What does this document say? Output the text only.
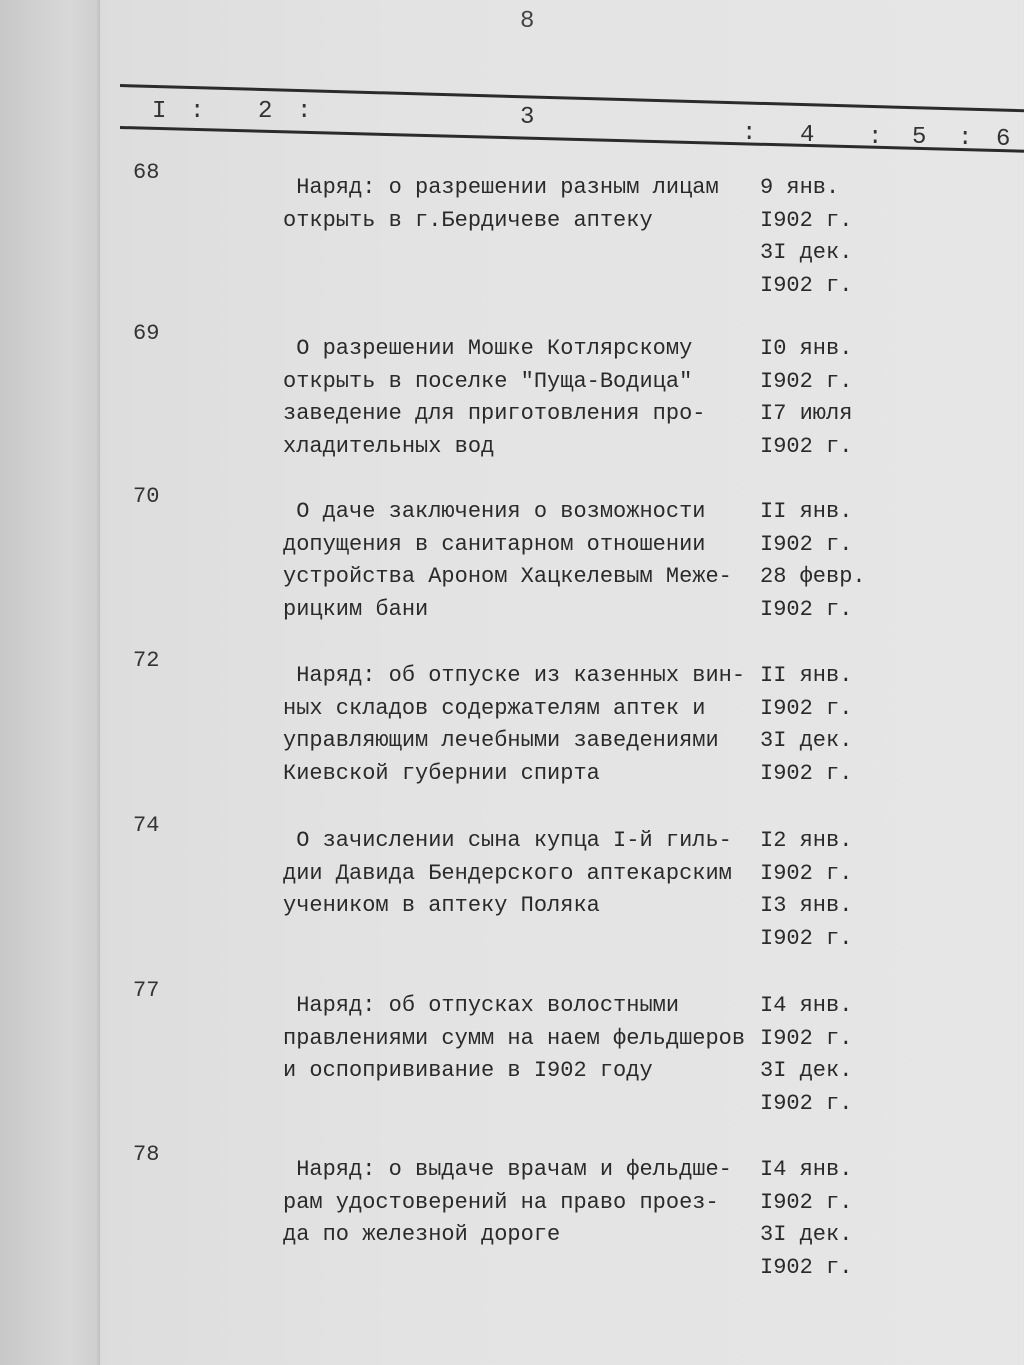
8
I : 2 :	3
: 4 : 5 : 6
68
Наряд: о разрешении разным лицам
открыть в г.Бердичеве аптеку
9 янв.
I902 г.
3I дек.
I902 г.
69
О разрешении Мошке Котлярскому
открыть в поселке "Пуща-Водица"
заведение для приготовления про-
хладительных вод
I0 янв.
I902 г.
I7 июля
I902 г.
70
О даче заключения о возможности
допущения в санитарном отношении
устройства Ароном Хацкелевым Меже-
рицким бани
II янв.
I902 г.
28 февр.
I902 г.
72
Наряд: об отпуске из казенных вин-
ных складов содержателям аптек и
управляющим лечебными заведениями
Киевской губернии спирта
II янв.
I902 г.
3I дек.
I902 г.
74
О зачислении сына купца I-й гиль-
дии Давида Бендерского аптекарским
учеником в аптеку Поляка
I2 янв.
I902 г.
I3 янв.
I902 г.
77
Наряд: об отпусках волостными
правлениями сумм на наем фельдшеров
и оспопрививание в I902 году
I4 янв.
I902 г.
3I дек.
I902 г.
78
Наряд: о выдаче врачам и фельдше-
рам удостоверений на право проез-
да по железной дороге
I4 янв.
I902 г.
3I дек.
I902 г.
